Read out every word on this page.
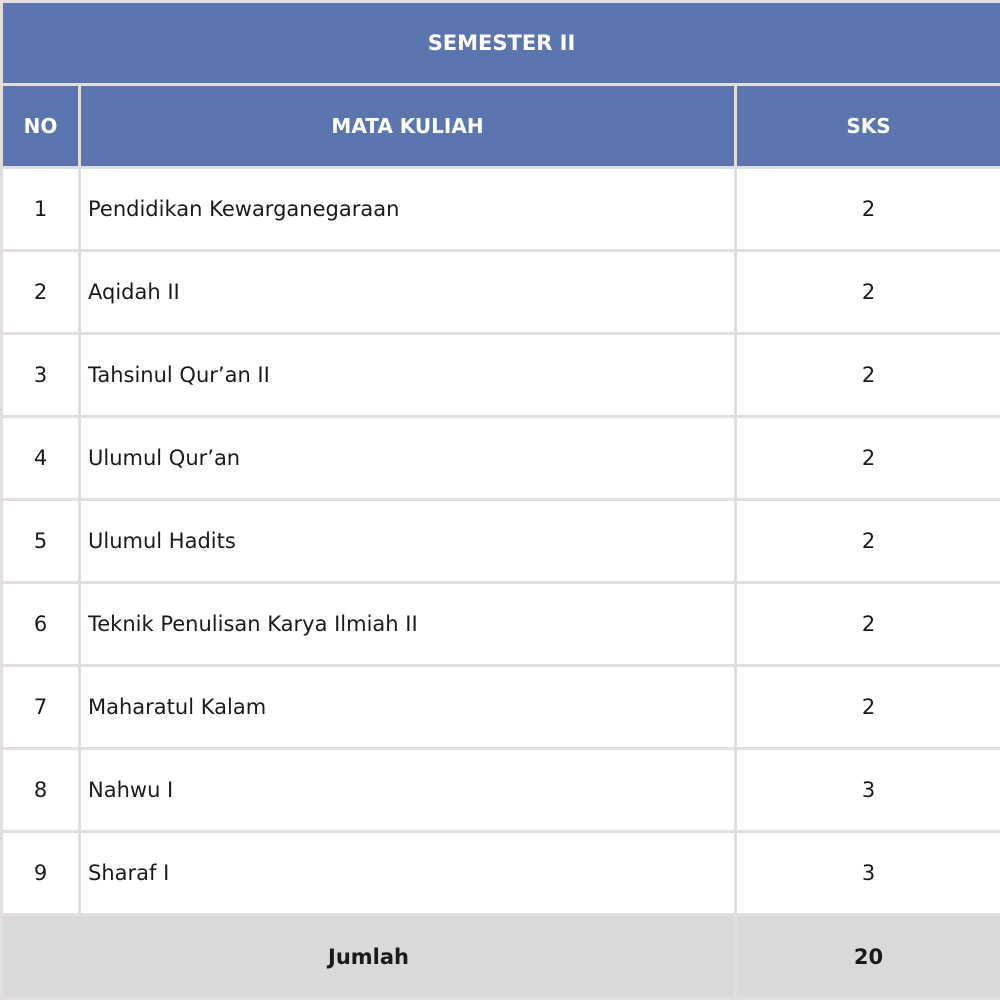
SEMESTER II		
NO	MATA KULIAH	SKS
1	Pendidikan Kewarganegaraan	2
2	Aqidah II	2
3	Tahsinul Qur’an II	2
4	Ulumul Qur’an	2
5	Ulumul Hadits	2
6	Teknik Penulisan Karya Ilmiah II	2
7	Maharatul Kalam	2
8	Nahwu I	3
9	Sharaf I	3
Jumlah		20
